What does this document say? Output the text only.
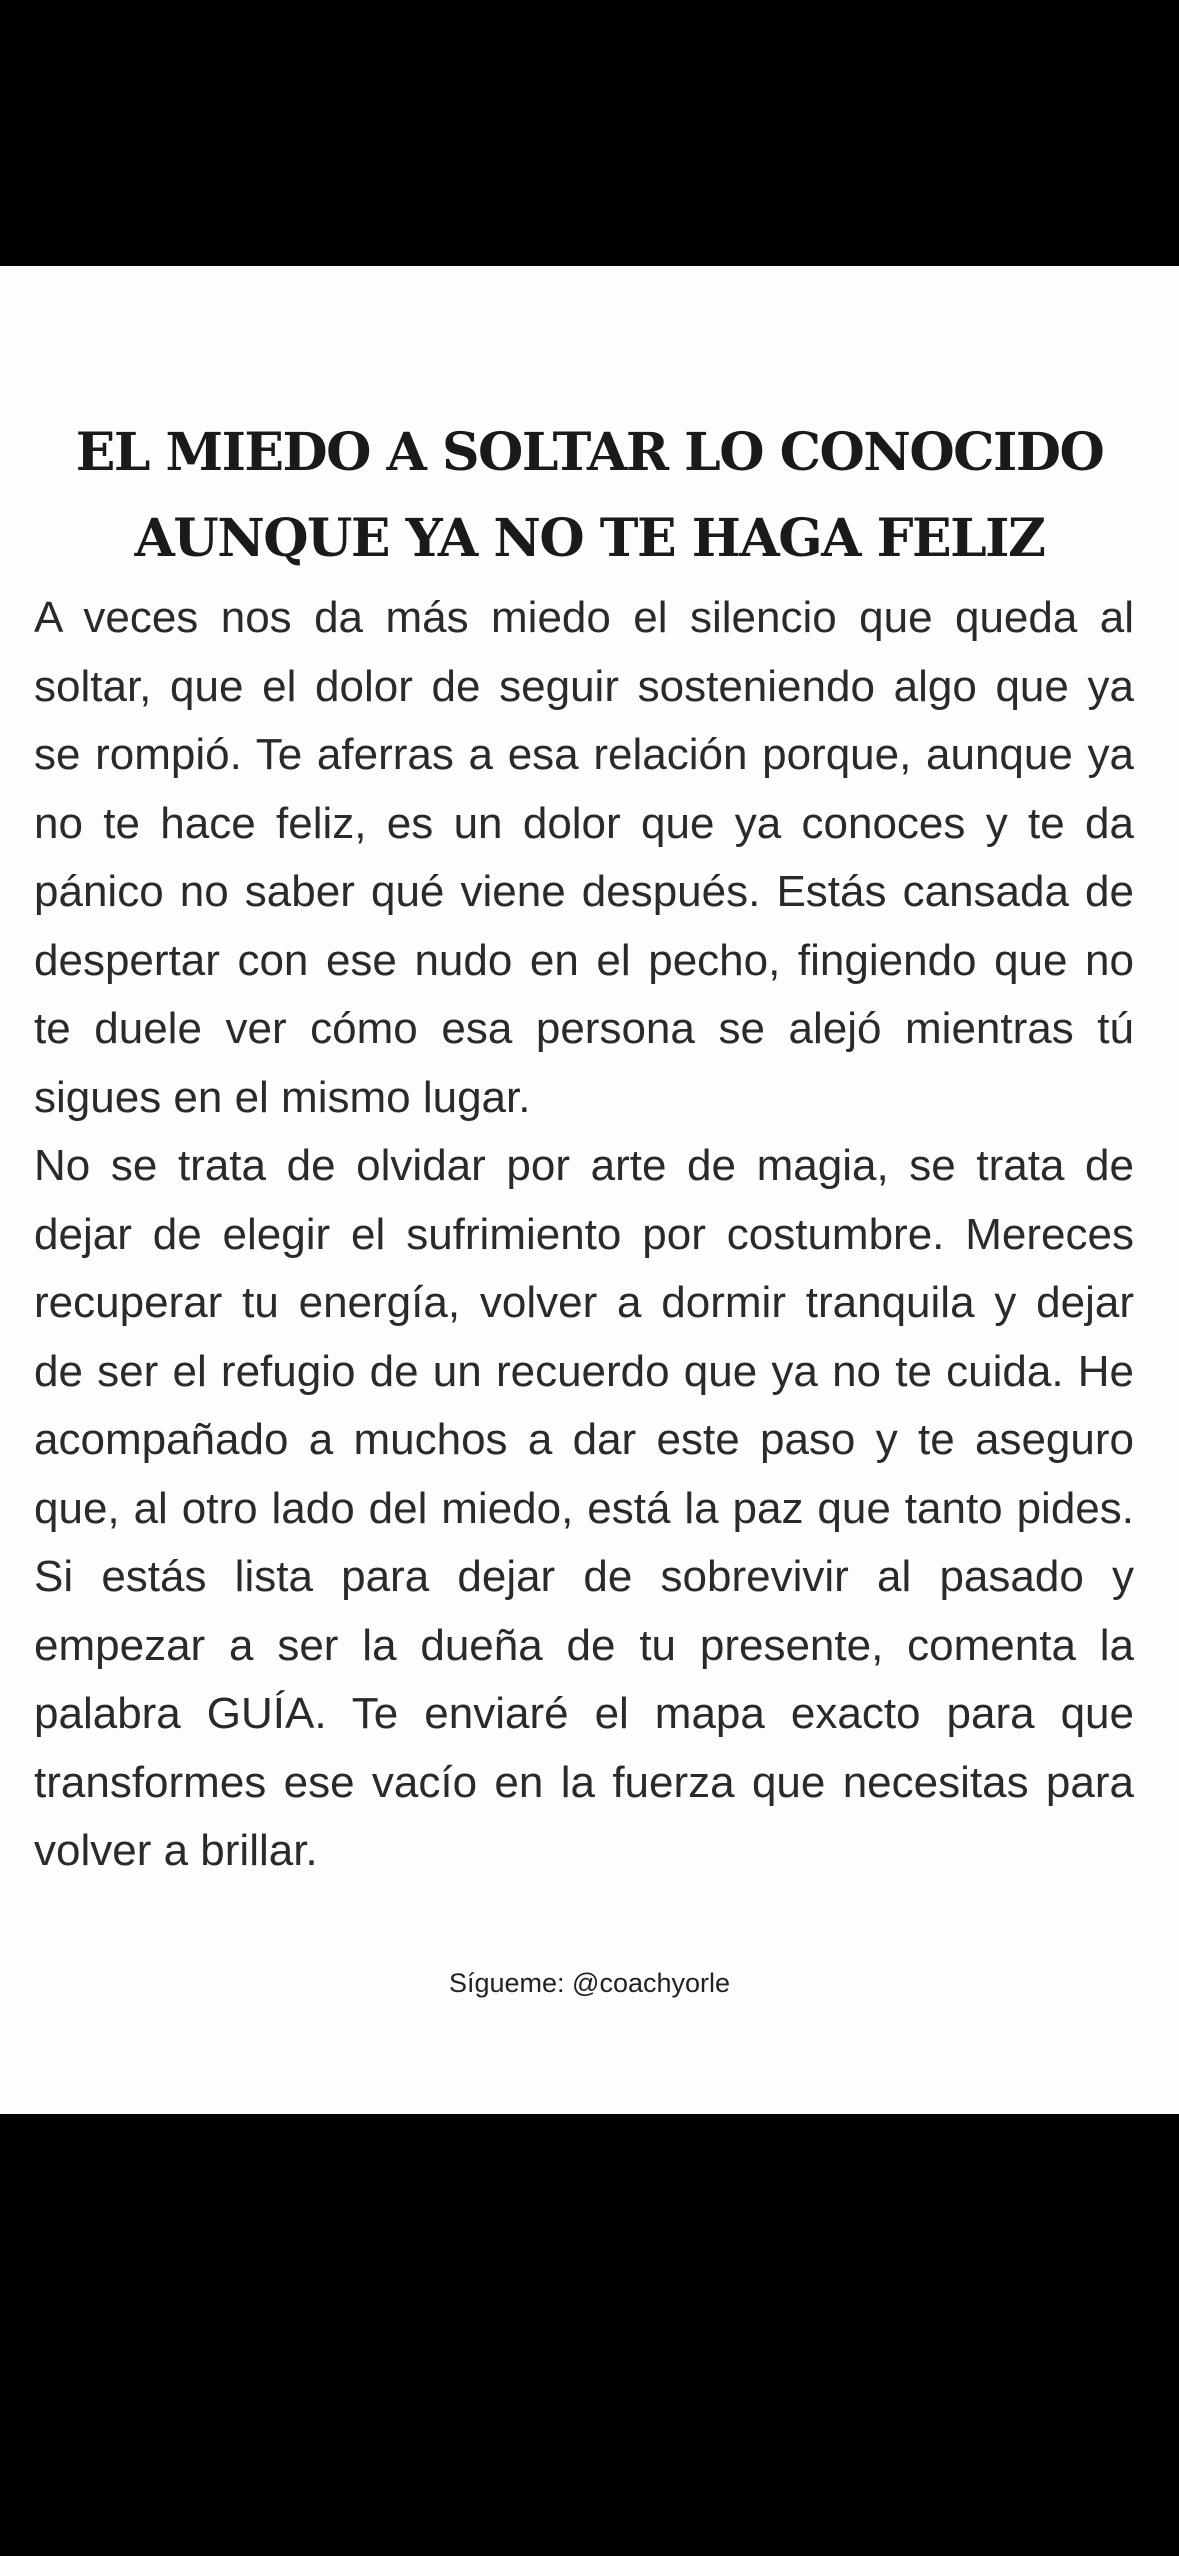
EL MIEDO A SOLTAR LO CONOCIDO
AUNQUE YA NO TE HAGA FELIZ

A veces nos da más miedo el silencio que queda al soltar, que el dolor de seguir sosteniendo algo que ya se rompió. Te aferras a esa relación porque, aunque ya no te hace feliz, es un dolor que ya conoces y te da pánico no saber qué viene después. Estás cansada de despertar con ese nudo en el pecho, fingiendo que no te duele ver cómo esa persona se alejó mientras tú sigues en el mismo lugar.

No se trata de olvidar por arte de magia, se trata de dejar de elegir el sufrimiento por costumbre. Mereces recuperar tu energía, volver a dormir tranquila y dejar de ser el refugio de un recuerdo que ya no te cuida. He acompañado a muchos a dar este paso y te aseguro que, al otro lado del miedo, está la paz que tanto pides. Si estás lista para dejar de sobrevivir al pasado y empezar a ser la dueña de tu presente, comenta la palabra GUÍA. Te enviaré el mapa exacto para que transformes ese vacío en la fuerza que necesitas para volver a brillar.

Sígueme: @coachyorle
